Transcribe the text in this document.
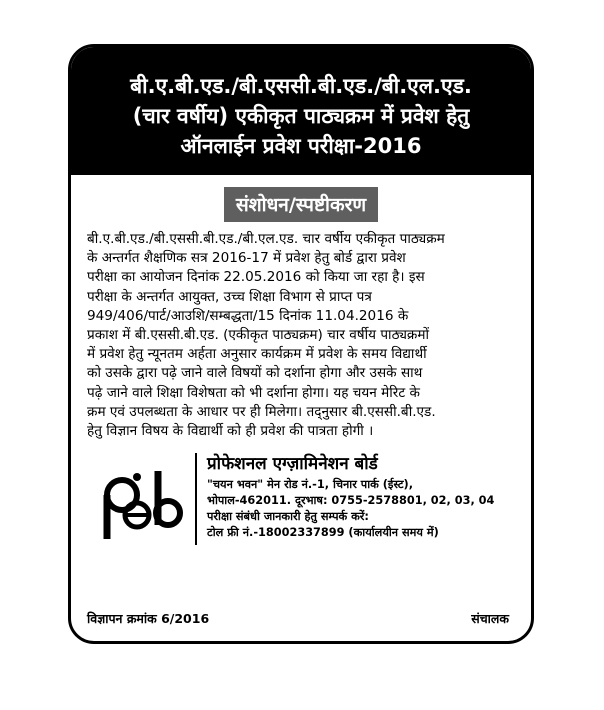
बी.ए.बी.एड./बी.एससी.बी.एड./बी.एल.एड.
(चार वर्षीय) एकीकृत पाठ्यक्रम में प्रवेश हेतु
ऑनलाईन प्रवेश परीक्षा-2016
संशोधन/स्पष्टीकरण

बी.ए.बी.एड./बी.एससी.बी.एड./बी.एल.एड. चार वर्षीय एकीकृत पाठ्यक्रम

के अन्तर्गत शैक्षणिक सत्र 2016-17 में प्रवेश हेतु बोर्ड द्वारा प्रवेश

परीक्षा का आयोजन दिनांक 22.05.2016 को किया जा रहा है। इस

परीक्षा के अन्तर्गत आयुक्त, उच्च शिक्षा विभाग से प्राप्त पत्र

949/406/पार्ट/आउशि/सम्बद्धता/15 दिनांक 11.04.2016 के

प्रकाश में बी.एससी.बी.एड. (एकीकृत पाठ्यक्रम) चार वर्षीय पाठ्यक्रमों

में प्रवेश हेतु न्यूनतम अर्हता अनुसार कार्यक्रम में प्रवेश के समय विद्यार्थी

को उसके द्वारा पढ़े जाने वाले विषयों को दर्शाना होगा और उसके साथ

पढ़े जाने वाले शिक्षा विशेषता को भी दर्शाना होगा। यह चयन मेरिट के

क्रम एवं उपलब्धता के आधार पर ही मिलेगा। तद्नुसार बी.एससी.बी.एड.

हेतु विज्ञान विषय के विद्यार्थी को ही प्रवेश की पात्रता होगी ।

प्रोफेशनल एग्ज़ामिनेशन बोर्ड
"चयन भवन" मेन रोड नं.-1, चिनार पार्क (ईस्ट),
भोपाल-462011. दूरभाष: 0755-2578801, 02, 03, 04
परीक्षा संबंधी जानकारी हेतु सम्पर्क करें:
टोल फ्री नं.-18002337899 (कार्यालयीन समय में)
विज्ञापन क्रमांक 6/2016	संचालक
